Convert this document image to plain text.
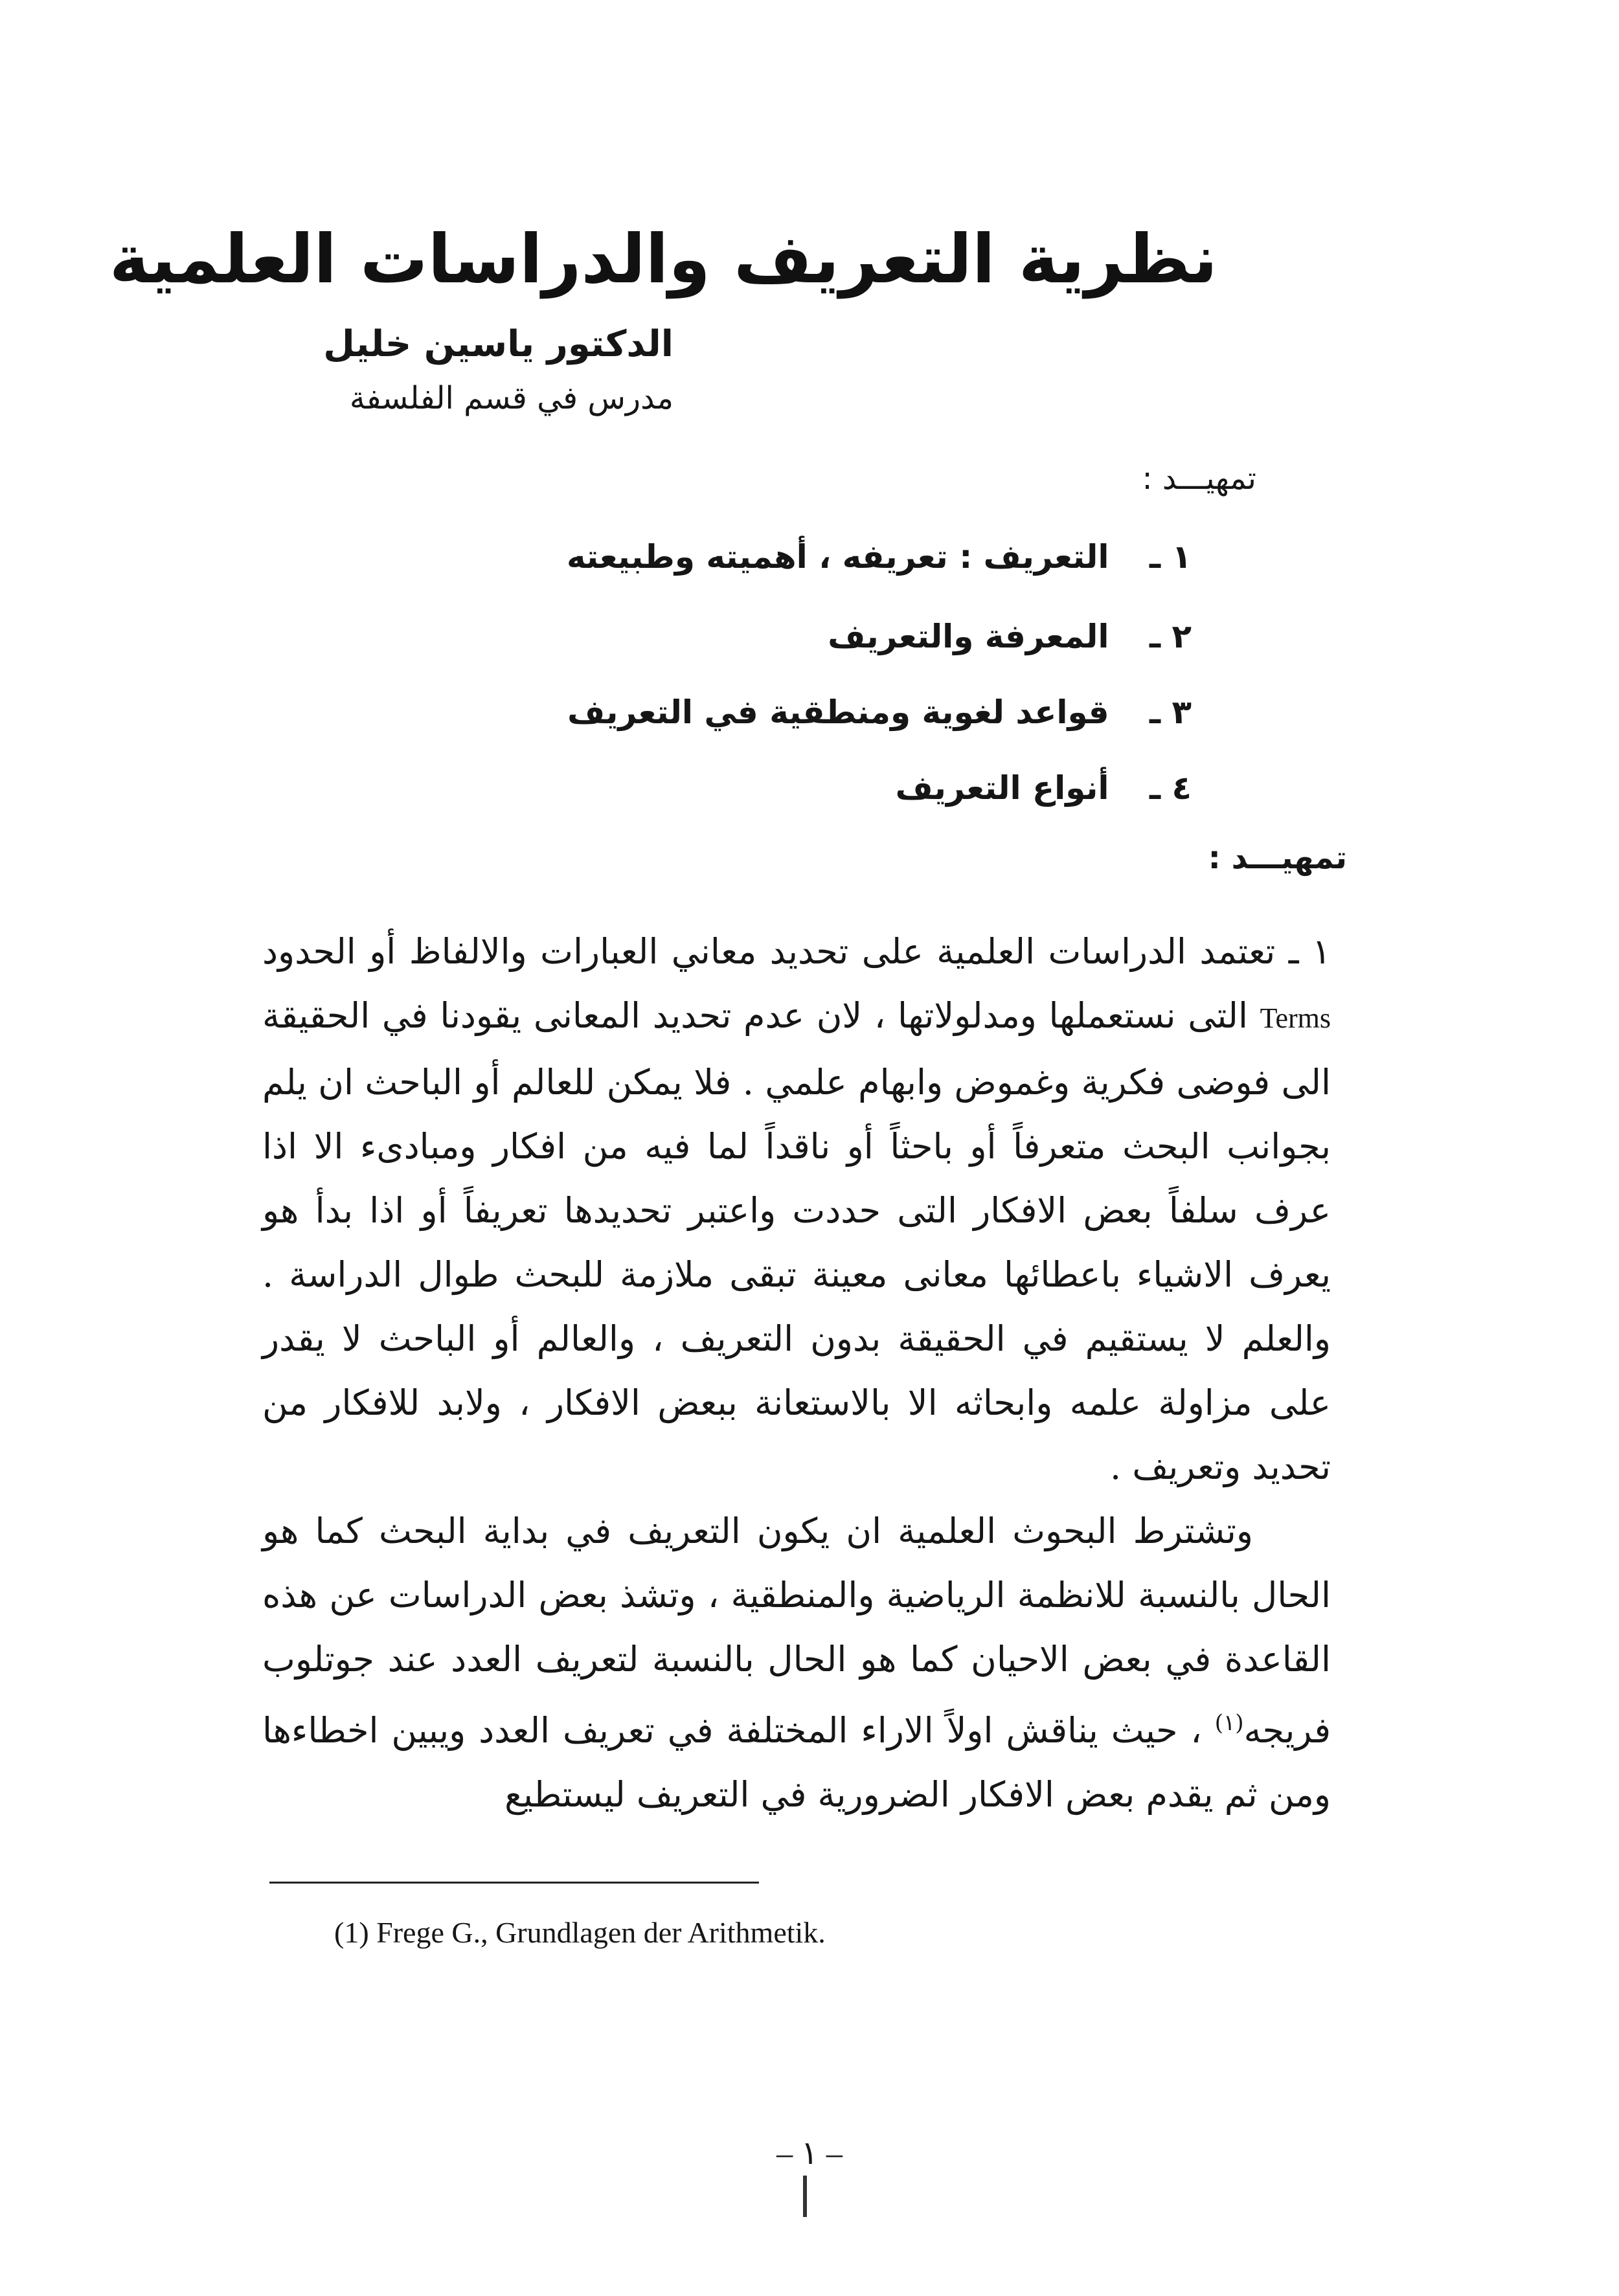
نظرية التعريف والدراسات العلمية
الدكتور ياسين خليل
مدرس في قسم الفلسفة
تمهيـــد :
١ ـ التعريف : تعريفه ، أهميته وطبيعته
٢ ـ المعرفة والتعريف
٣ ـ قواعد لغوية ومنطقية في التعريف
٤ ـ أنواع التعريف
تمهيـــد :

١ ـ تعتمد الدراسات العلمية على تحديد معاني العبارات والالفاظ أو الحدود Terms التى نستعملها ومدلولاتها ، لان عدم تحديد المعانى يقودنا في الحقيقة الى فوضى فكرية وغموض وابهام علمي . فلا يمكن للعالم أو الباحث ان يلم بجوانب البحث متعرفاً أو باحثاً أو ناقداً لما فيه من افكار ومبادىء الا اذا عرف سلفاً بعض الافكار التى حددت واعتبر تحديدها تعريفاً أو اذا بدأ هو يعرف الاشياء باعطائها معانى معينة تبقى ملازمة للبحث طوال الدراسة . والعلم لا يستقيم في الحقيقة بدون التعريف ، والعالم أو الباحث لا يقدر على مزاولة علمه وابحاثه الا بالاستعانة ببعض الافكار ، ولابد للافكار من تحديد وتعريف .

وتشترط البحوث العلمية ان يكون التعريف في بداية البحث كما هو الحال بالنسبة للانظمة الرياضية والمنطقية ، وتشذ بعض الدراسات عن هذه القاعدة في بعض الاحيان كما هو الحال بالنسبة لتعريف العدد عند جوتلوب فريجه$^{(١)}$ ، حيث يناقش اولاً الاراء المختلفة في تعريف العدد ويبين اخطاءها ومن ثم يقدم بعض الافكار الضرورية في التعريف ليستطيع

(1) Frege G., Grundlagen der Arithmetik.
– ١ –
